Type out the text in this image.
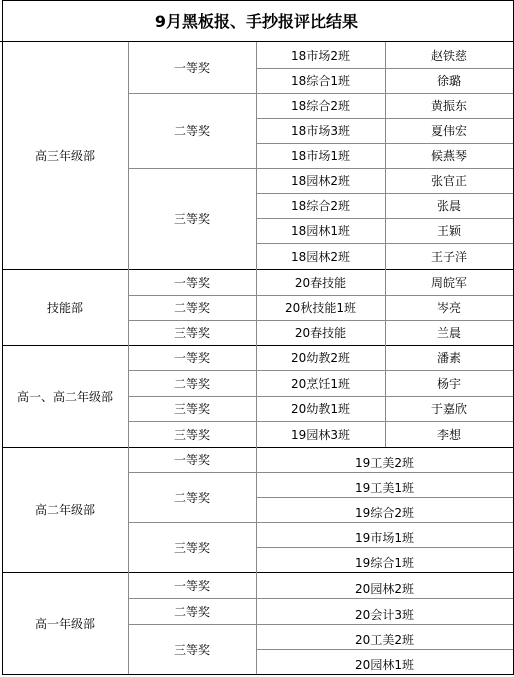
9月黑板报、手抄报评比结果
高三年级部
一等奖
18市场2班	赵铁慈
18综合1班	徐璐
二等奖
18综合2班	黄振东
18市场3班	夏伟宏
18市场1班	候燕琴
三等奖
18园林2班	张官正
18综合2班	张晨
18园林1班	王颖
18园林2班	王子洋
技能部
一等奖	20春技能	周皖军
二等奖	20秋技能1班	岑亮
三等奖	20春技能	兰晨
高一、高二年级部
一等奖	20幼教2班	潘素
二等奖	20烹饪1班	杨宇
三等奖	20幼教1班	于嘉欣
三等奖	19园林3班	李想
高二年级部
一等奖	19工美2班
二等奖
19工美1班
19综合2班
三等奖
19市场1班
19综合1班
高一年级部
一等奖	20园林2班
二等奖	20会计3班
三等奖
20工美2班
20园林1班
